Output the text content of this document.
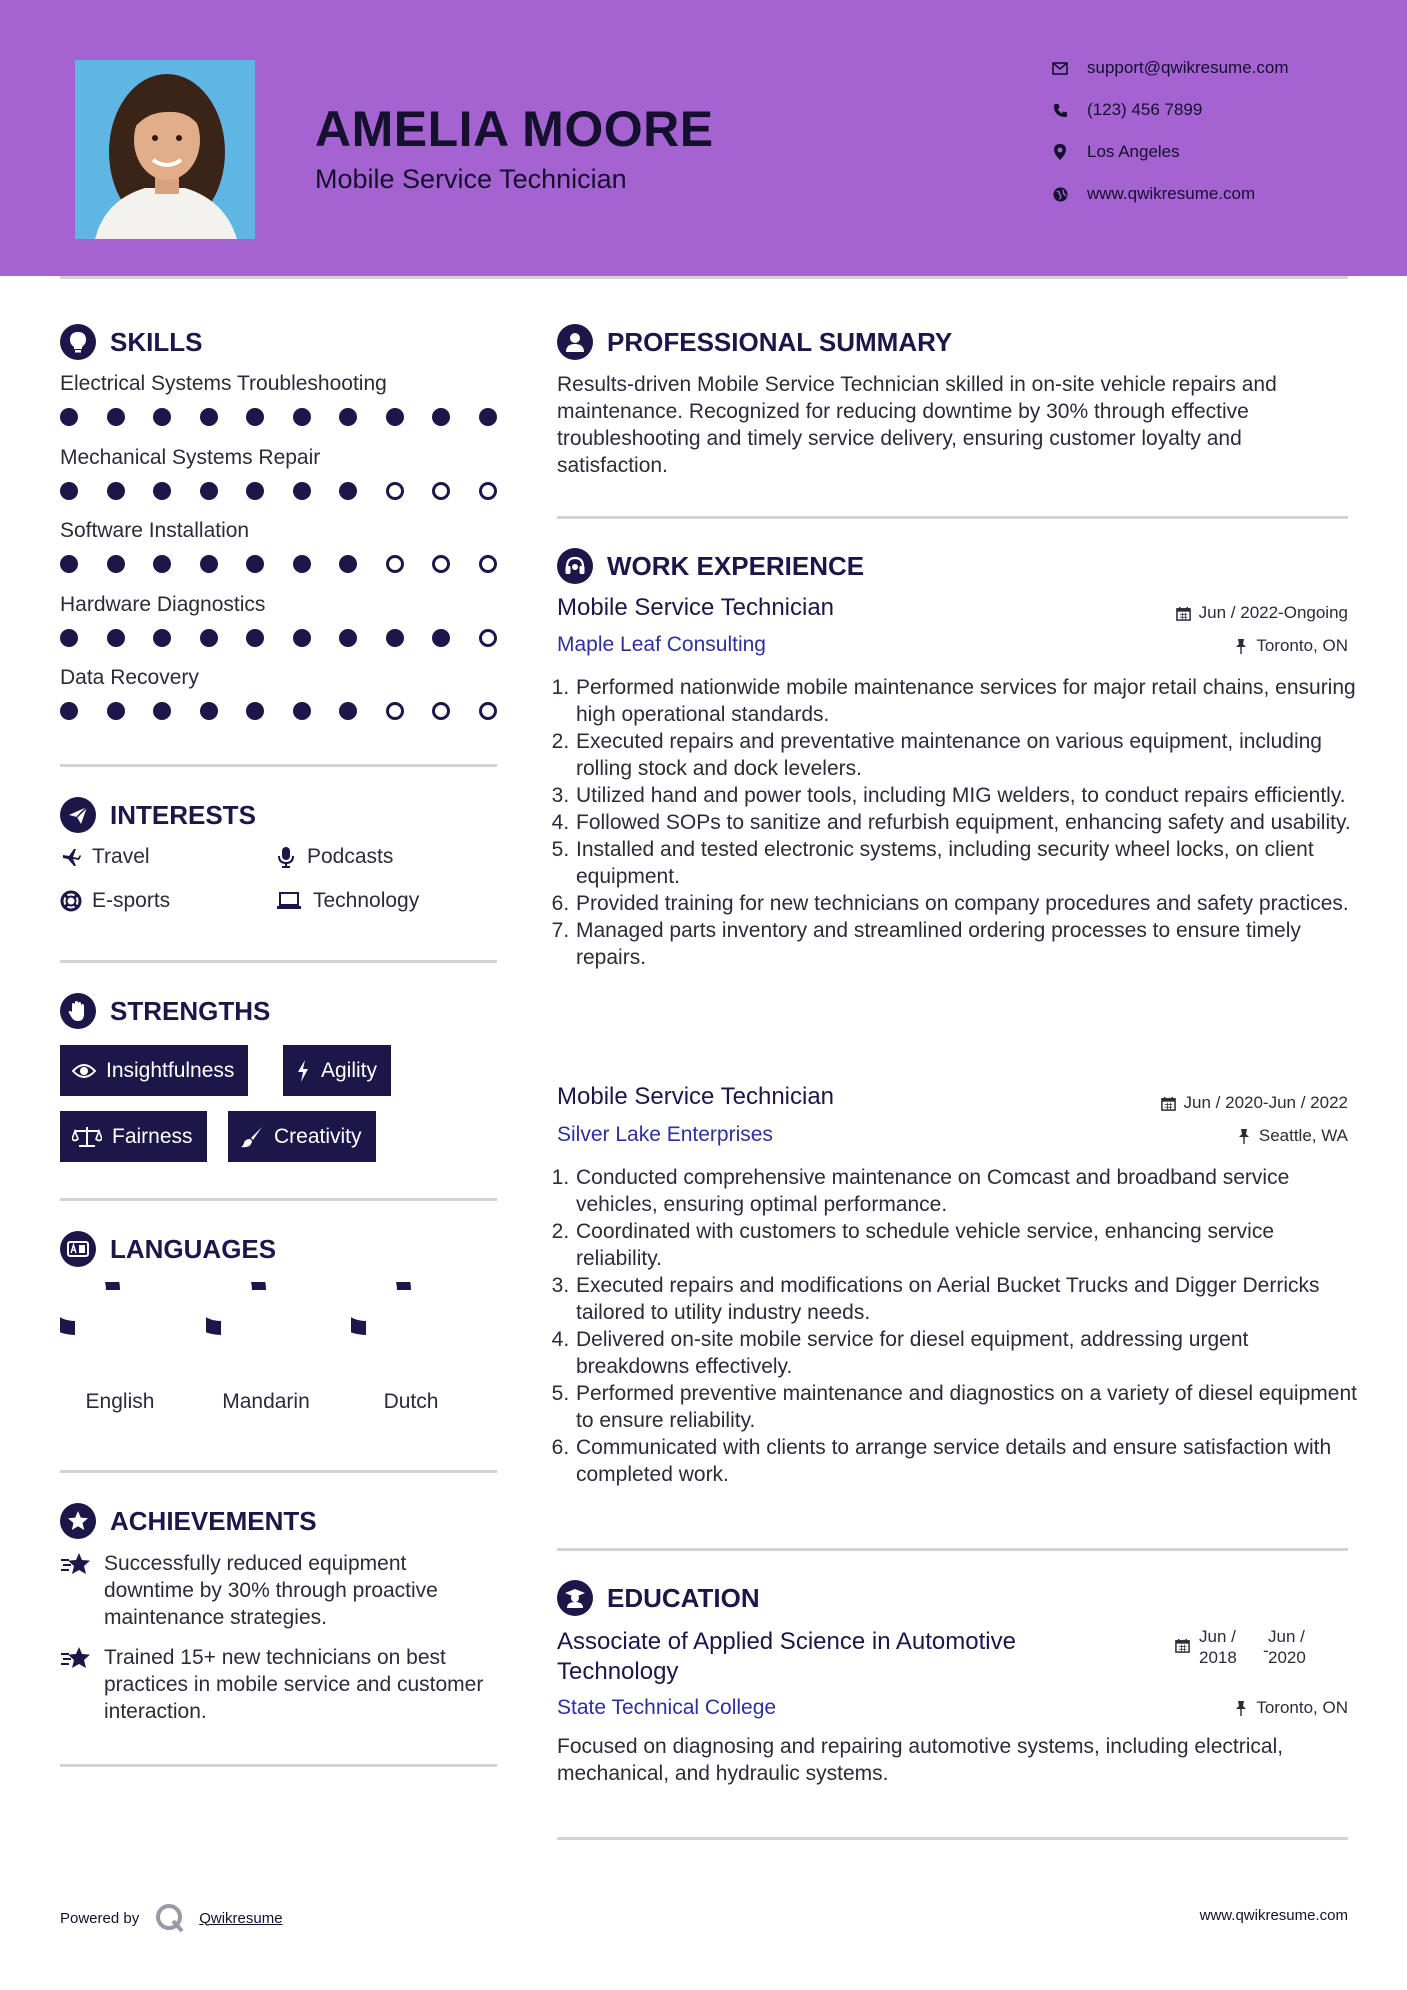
AMELIA MOORE
Mobile Service Technician
support@qwikresume.com
(123) 456 7899
Los Angeles
www.qwikresume.com
SKILLS
Electrical Systems Troubleshooting
Mechanical Systems Repair
Software Installation
Hardware Diagnostics
Data Recovery
INTERESTS
Travel	Podcasts
E-sports	Technology
STRENGTHS
Insightfulness	Agility
Fairness	Creativity
LANGUAGES
English	Mandarin	Dutch
ACHIEVEMENTS
Successfully reduced equipment downtime by 30% through proactive maintenance strategies.
Trained 15+ new technicians on best practices in mobile service and customer interaction.
PROFESSIONAL SUMMARY
Results-driven Mobile Service Technician skilled in on-site vehicle repairs and maintenance. Recognized for reducing downtime by 30% through effective troubleshooting and timely service delivery, ensuring customer loyalty and satisfaction.
WORK EXPERIENCE
Mobile Service Technician
Maple Leaf Consulting
Jun / 2022-Ongoing
Toronto, ON
1. Performed nationwide mobile maintenance services for major retail chains, ensuring high operational standards.
2. Executed repairs and preventative maintenance on various equipment, including rolling stock and dock levelers.
3. Utilized hand and power tools, including MIG welders, to conduct repairs efficiently.
4. Followed SOPs to sanitize and refurbish equipment, enhancing safety and usability.
5. Installed and tested electronic systems, including security wheel locks, on client equipment.
6. Provided training for new technicians on company procedures and safety practices.
7. Managed parts inventory and streamlined ordering processes to ensure timely repairs.
Mobile Service Technician
Silver Lake Enterprises
Jun / 2020-Jun / 2022
Seattle, WA
1. Conducted comprehensive maintenance on Comcast and broadband service vehicles, ensuring optimal performance.
2. Coordinated with customers to schedule vehicle service, enhancing service reliability.
3. Executed repairs and modifications on Aerial Bucket Trucks and Digger Derricks tailored to utility industry needs.
4. Delivered on-site mobile service for diesel equipment, addressing urgent breakdowns effectively.
5. Performed preventive maintenance and diagnostics on a variety of diesel equipment to ensure reliability.
6. Communicated with clients to arrange service details and ensure satisfaction with completed work.
EDUCATION
Associate of Applied Science in Automotive
Technology
Jun /
2018	-
Jun /
2020
State Technical College	Toronto, ON
Focused on diagnosing and repairing automotive systems, including electrical, mechanical, and hydraulic systems.
Powered by	Qwikresume	www.qwikresume.com
